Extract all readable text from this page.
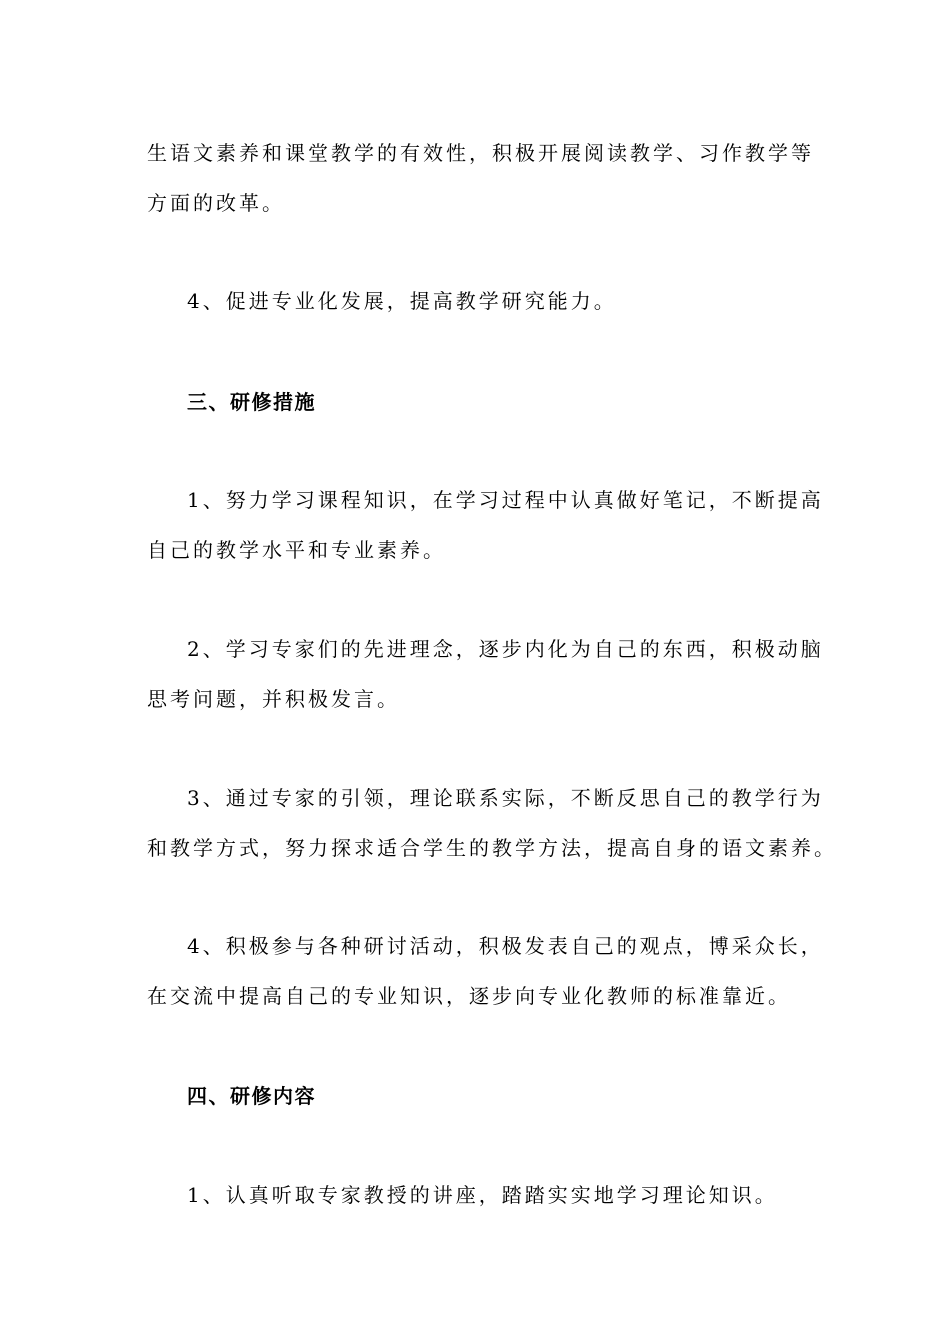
生语文素养和课堂教学的有效性，积极开展阅读教学、习作教学等
方面的改革。
4、促进专业化发展，提高教学研究能力。
三、研修措施
1、努力学习课程知识，在学习过程中认真做好笔记，不断提高
自己的教学水平和专业素养。
2、学习专家们的先进理念，逐步内化为自己的东西，积极动脑
思考问题，并积极发言。
3、通过专家的引领，理论联系实际，不断反思自己的教学行为
和教学方式，努力探求适合学生的教学方法，提高自身的语文素养。
4、积极参与各种研讨活动，积极发表自己的观点，博采众长，
在交流中提高自己的专业知识，逐步向专业化教师的标准靠近。
四、研修内容
1、认真听取专家教授的讲座，踏踏实实地学习理论知识。
